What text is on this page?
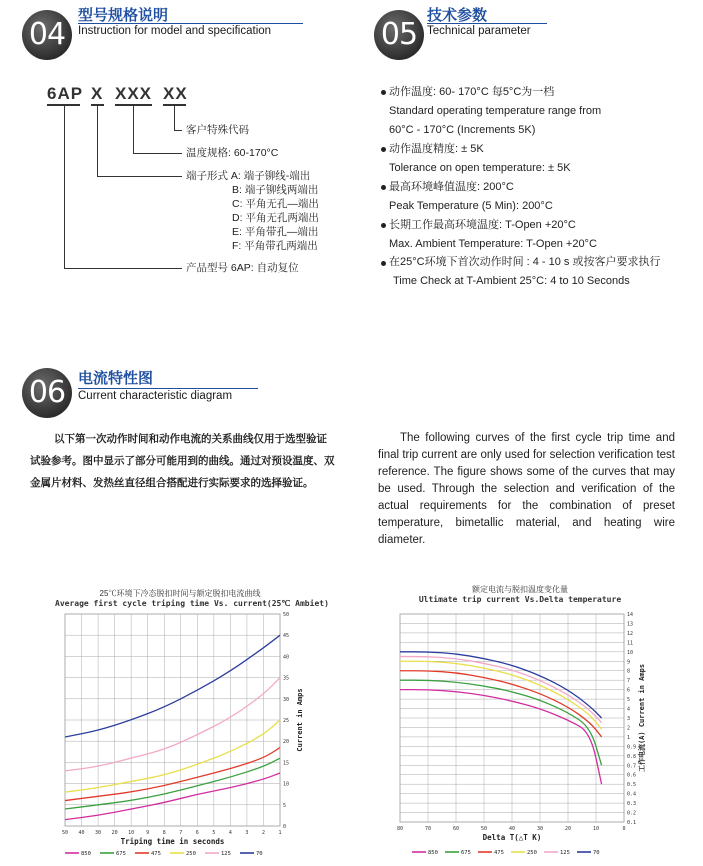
04
型号规格说明
Instruction for model and specification	05
技术参数
Technical parameter
6AP X XXX XX
客户特殊代码
温度规格: 60-170°C
端子形式 A: 端子铆线-端出
B: 端子铆线两端出
C: 平角无孔—端出
D: 平角无孔两端出
E: 平角带孔—端出
F: 平角带孔两端出
产品型号 6AP: 自动复位
动作温度: 60- 170°C 每5°C为一档
Standard operating temperature range from
60°C - 170°C (Increments 5K)
动作温度精度: ± 5K
Tolerance on open temperature: ± 5K
最高环境峰值温度: 200°C
Peak Temperature (5 Min): 200°C
长期工作最高环境温度: T-Open +20°C
Max. Ambient Temperature: T-Open +20°C
在25°C环境下首次动作时间 : 4 - 10 s 或按客户要求执行
Time Check at T-Ambient 25°C: 4 to 10 Seconds
06 电流特性图
Current characteristic diagram
以下第一次动作时间和动作电流的关系曲线仅用于选型验证试验参考。图中显示了部分可能用到的曲线。通过对预设温度、双金属片材料、发热丝直径组合搭配进行实际要求的选择验证。
The following curves of the first cycle trip time and final trip current are only used for selection verification test reference. The figure shows some of the curves that may be used. Through the selection and verification of the actual requirements for the combination of preset temperature, bimetallic material, and heating wire diameter.
25℃环境下冷态脱扣时间与额定脱扣电流曲线
Average first cycle triping time Vs. current(25℃ Ambiet)
50 40 30 20 10 9	8	7	6	5	4	3	2	1
50
45
40
35
30
25
20
15
10
5
0
Triping time in seconds
Current in Amps
850	675	475	250	125	70
额定电流与脱扣温度变化量
Ultimate trip current Vs.Delta temperature
80	70	60	50	40	30	20	10	0
14
13
12
11
10
9
8
7
6
5
4
3
2
1
0.9
0.8
0.7
0.6
0.5
0.4
0.3
0.2
0.1
Delta T(△T K)
工作电流(A) Current in Amps
850	675	475	250	125	70
